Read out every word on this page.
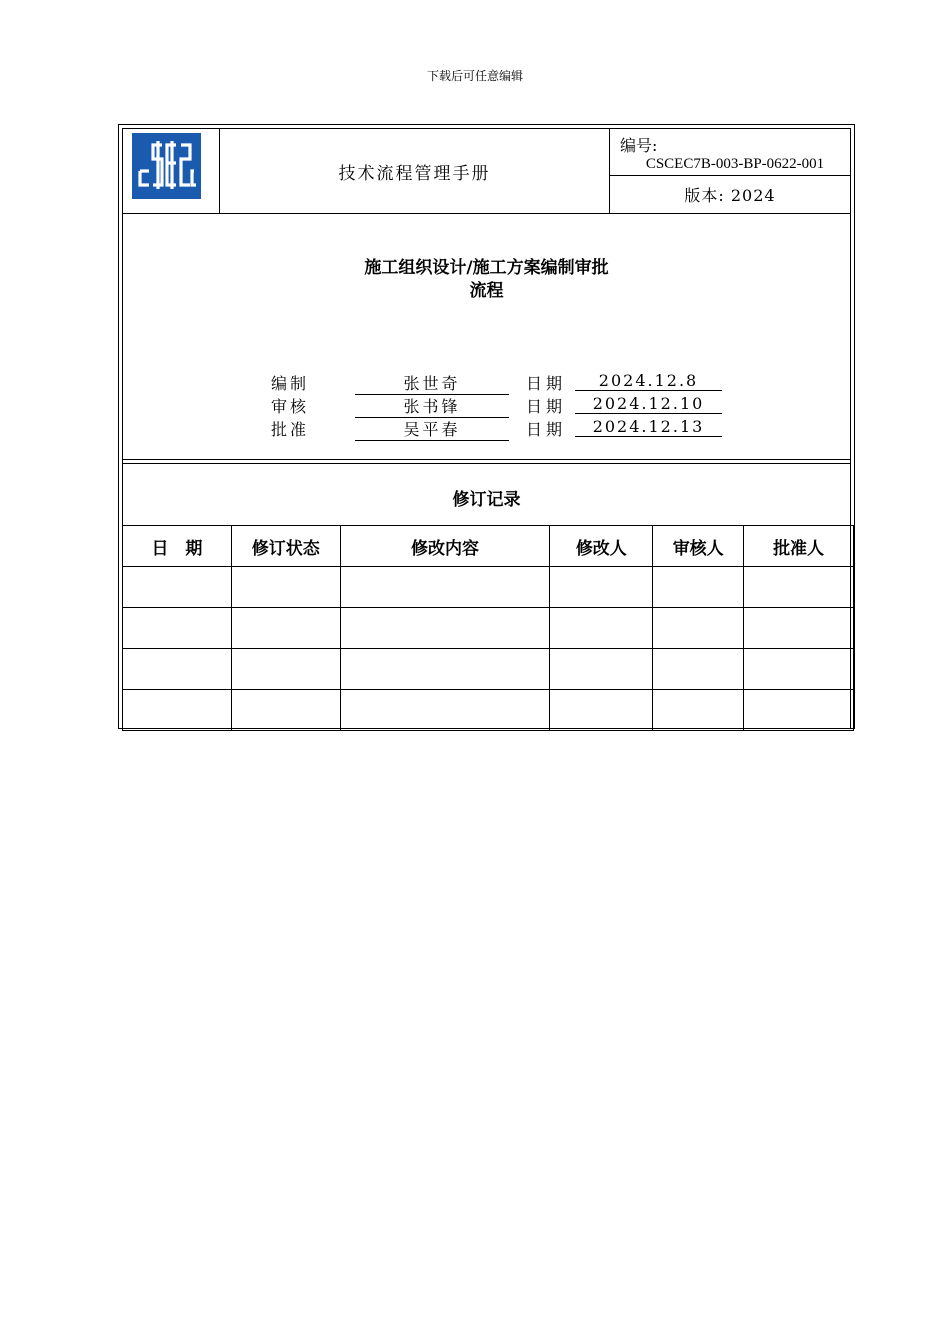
下载后可任意编辑
技术流程管理手册
编号:
CSCEC7B-003-BP-0622-001
版本: 2024
施工组织设计/施工方案编制审批
流程
编制	张世奇	日期	2024.12.8
审核	张书锋	日期	2024.12.10
批准	吴平春	日期	2024.12.13
修订记录
日　期	修订状态	修改内容	修改人	审核人	批准人
